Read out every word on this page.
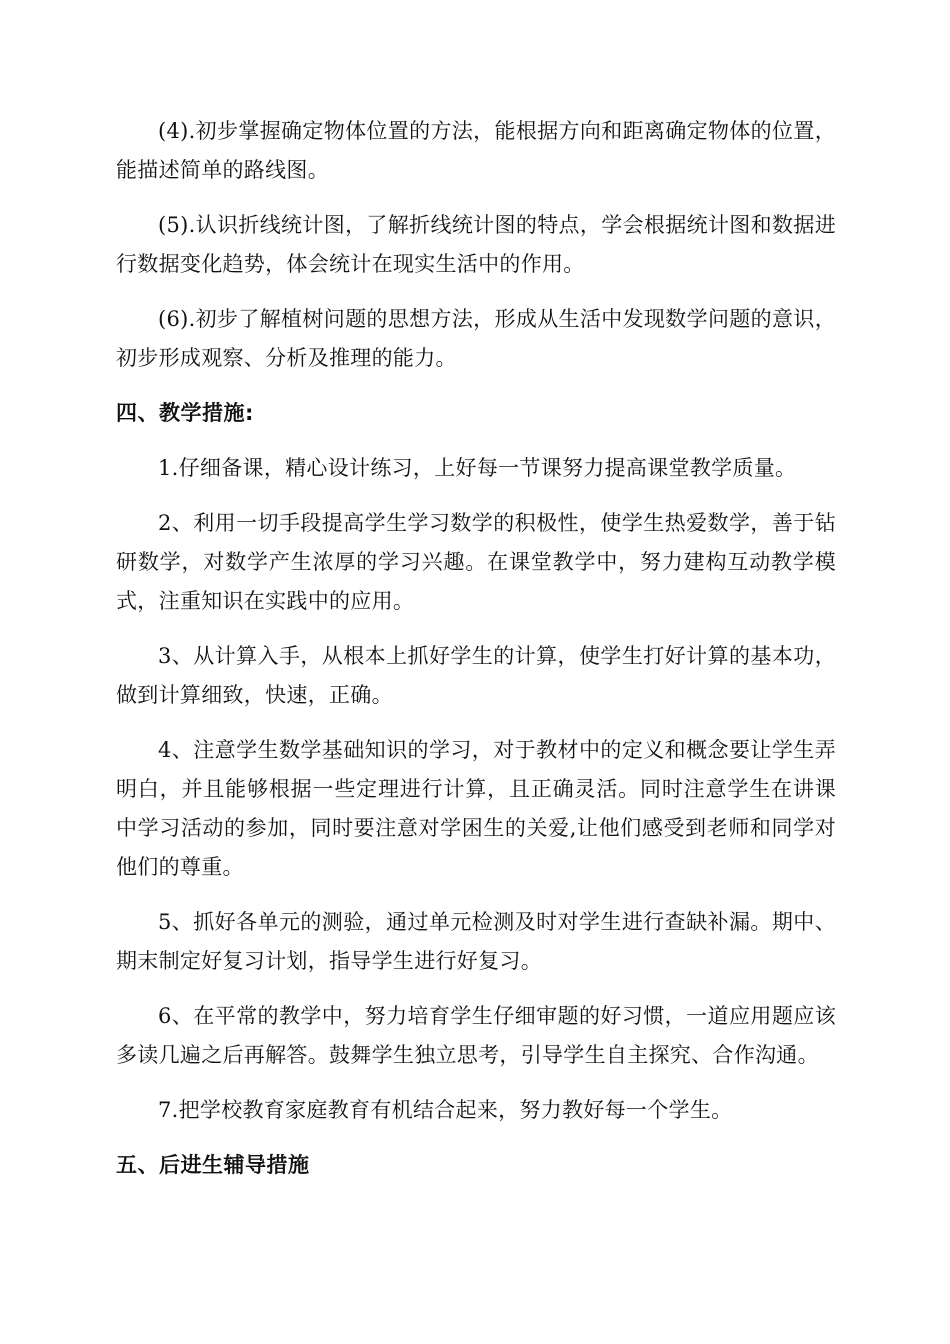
(4).初步掌握确定物体位置的方法，能根据方向和距离确定物体的位置，能描述简单的路线图。

(5).认识折线统计图，了解折线统计图的特点，学会根据统计图和数据进行数据变化趋势，体会统计在现实生活中的作用。

(6).初步了解植树问题的思想方法，形成从生活中发现数学问题的意识，初步形成观察、分析及推理的能力。

四、教学措施:

1.仔细备课，精心设计练习，上好每一节课努力提高课堂教学质量。

2、利用一切手段提高学生学习数学的积极性，使学生热爱数学，善于钻研数学，对数学产生浓厚的学习兴趣。在课堂教学中，努力建构互动教学模式，注重知识在实践中的应用。

3、从计算入手，从根本上抓好学生的计算，使学生打好计算的基本功，做到计算细致，快速，正确。

4、注意学生数学基础知识的学习，对于教材中的定义和概念要让学生弄明白，并且能够根据一些定理进行计算，且正确灵活。同时注意学生在讲课中学习活动的参加，同时要注意对学困生的关爱,让他们感受到老师和同学对他们的尊重。

5、抓好各单元的测验，通过单元检测及时对学生进行查缺补漏。期中、期末制定好复习计划，指导学生进行好复习。

6、在平常的教学中，努力培育学生仔细审题的好习惯，一道应用题应该多读几遍之后再解答。鼓舞学生独立思考，引导学生自主探究、合作沟通。

7.把学校教育家庭教育有机结合起来，努力教好每一个学生。

五、后进生辅导措施
